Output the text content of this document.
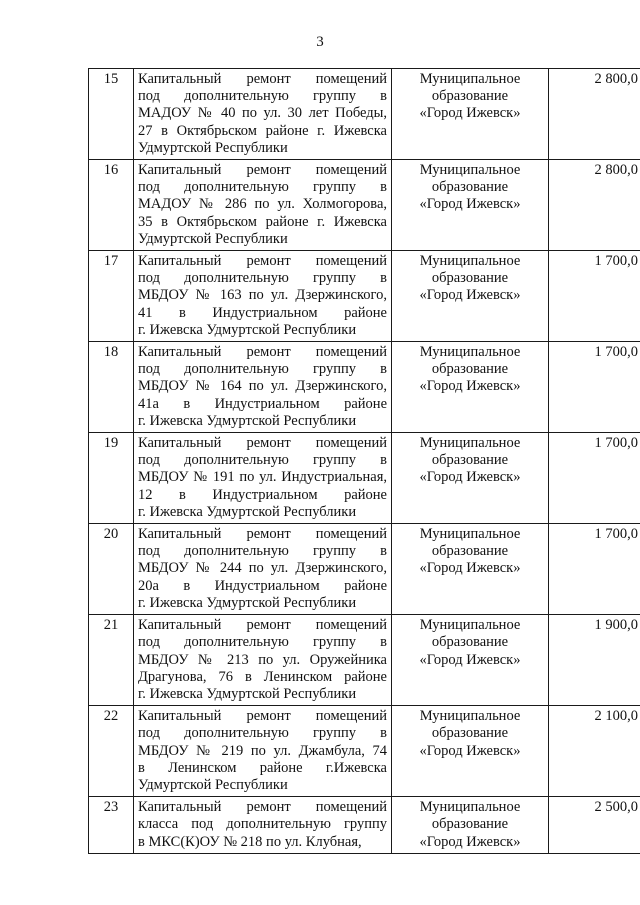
3
15	Капитальный ремонт помещений
под дополнительную группу в
МАДОУ № 40 по ул. 30 лет Победы,
27 в Октябрьском районе г. Ижевска
Удмуртской Республики	Муниципальное
образование
«Город Ижевск»	2 800,0
16	Капитальный ремонт помещений
под дополнительную группу в
МАДОУ № 286 по ул. Холмогорова,
35 в Октябрьском районе г. Ижевска
Удмуртской Республики	Муниципальное
образование
«Город Ижевск»	2 800,0
17	Капитальный ремонт помещений
под дополнительную группу в
МБДОУ № 163 по ул. Дзержинского,
41 в Индустриальном районе
г. Ижевска Удмуртской Республики	Муниципальное
образование
«Город Ижевск»	1 700,0
18	Капитальный ремонт помещений
под дополнительную группу в
МБДОУ № 164 по ул. Дзержинского,
41а в Индустриальном районе
г. Ижевска Удмуртской Республики	Муниципальное
образование
«Город Ижевск»	1 700,0
19	Капитальный ремонт помещений
под дополнительную группу в
МБДОУ № 191 по ул. Индустриальная,
12 в Индустриальном районе
г. Ижевска Удмуртской Республики	Муниципальное
образование
«Город Ижевск»	1 700,0
20	Капитальный ремонт помещений
под дополнительную группу в
МБДОУ № 244 по ул. Дзержинского,
20а в Индустриальном районе
г. Ижевска Удмуртской Республики	Муниципальное
образование
«Город Ижевск»	1 700,0
21	Капитальный ремонт помещений
под дополнительную группу в
МБДОУ № 213 по ул. Оружейника
Драгунова, 76 в Ленинском районе
г. Ижевска Удмуртской Республики	Муниципальное
образование
«Город Ижевск»	1 900,0
22	Капитальный ремонт помещений
под дополнительную группу в
МБДОУ № 219 по ул. Джамбула, 74
в Ленинском районе г.Ижевска
Удмуртской Республики	Муниципальное
образование
«Город Ижевск»	2 100,0
23	Капитальный ремонт помещений
класса под дополнительную группу
в МКС(К)ОУ № 218 по ул. Клубная,	Муниципальное
образование
«Город Ижевск»	2 500,0
